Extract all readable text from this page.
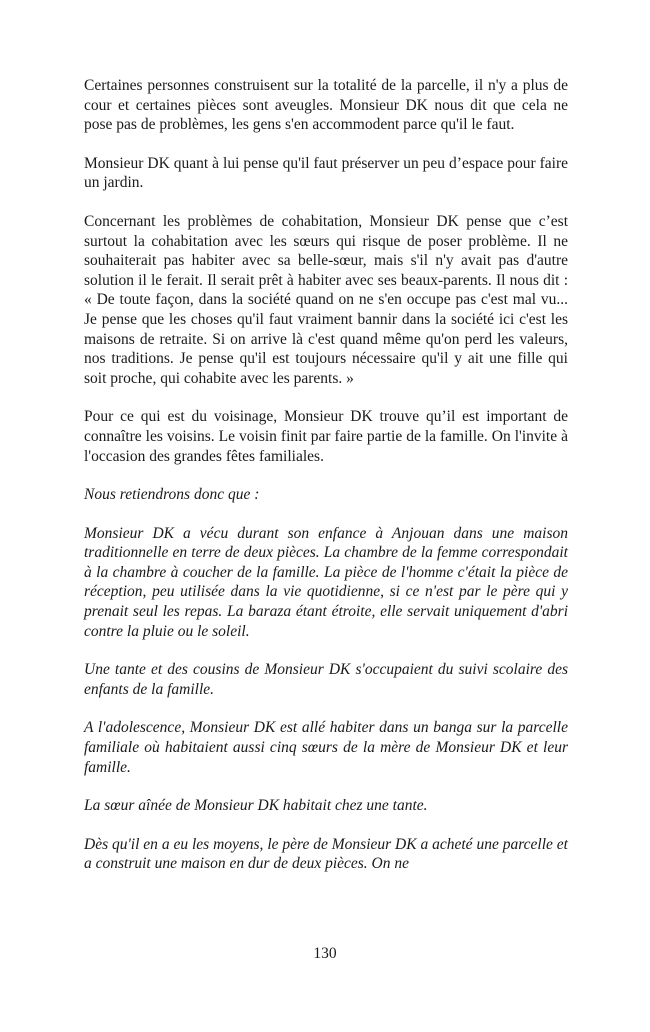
Certaines personnes construisent sur la totalité de la parcelle, il n'y a plus de cour et certaines pièces sont aveugles. Monsieur DK nous dit que cela ne pose pas de problèmes, les gens s'en accommodent parce qu'il le faut.

Monsieur DK quant à lui pense qu'il faut préserver un peu d’espace pour faire un jardin.

Concernant les problèmes de cohabitation, Monsieur DK pense que c’est surtout la cohabitation avec les sœurs qui risque de poser problème. Il ne souhaiterait pas habiter avec sa belle-sœur, mais s'il n'y avait pas d'autre solution il le ferait. Il serait prêt à habiter avec ses beaux-parents. Il nous dit : « De toute façon, dans la société quand on ne s'en occupe pas c'est mal vu... Je pense que les choses qu'il faut vraiment bannir dans la société ici c'est les maisons de retraite. Si on arrive là c'est quand même qu'on perd les valeurs, nos traditions. Je pense qu'il est toujours nécessaire qu'il y ait une fille qui soit proche, qui cohabite avec les parents. »

Pour ce qui est du voisinage, Monsieur DK trouve qu’il est important de connaître les voisins. Le voisin finit par faire partie de la famille. On l'invite à l'occasion des grandes fêtes familiales.

Nous retiendrons donc que :

Monsieur DK a vécu durant son enfance à Anjouan dans une maison traditionnelle en terre de deux pièces. La chambre de la femme correspondait à la chambre à coucher de la famille. La pièce de l'homme c'était la pièce de réception, peu utilisée dans la vie quotidienne, si ce n'est par le père qui y prenait seul les repas. La baraza étant étroite, elle servait uniquement d'abri contre la pluie ou le soleil.

Une tante et des cousins de Monsieur DK s'occupaient du suivi scolaire des enfants de la famille.

A l'adolescence, Monsieur DK est allé habiter dans un banga sur la parcelle familiale où habitaient aussi cinq sœurs de la mère de Monsieur DK et leur famille.

La sœur aînée de Monsieur DK habitait chez une tante.

Dès qu'il en a eu les moyens, le père de Monsieur DK a acheté une parcelle et a construit une maison en dur de deux pièces. On ne

130
